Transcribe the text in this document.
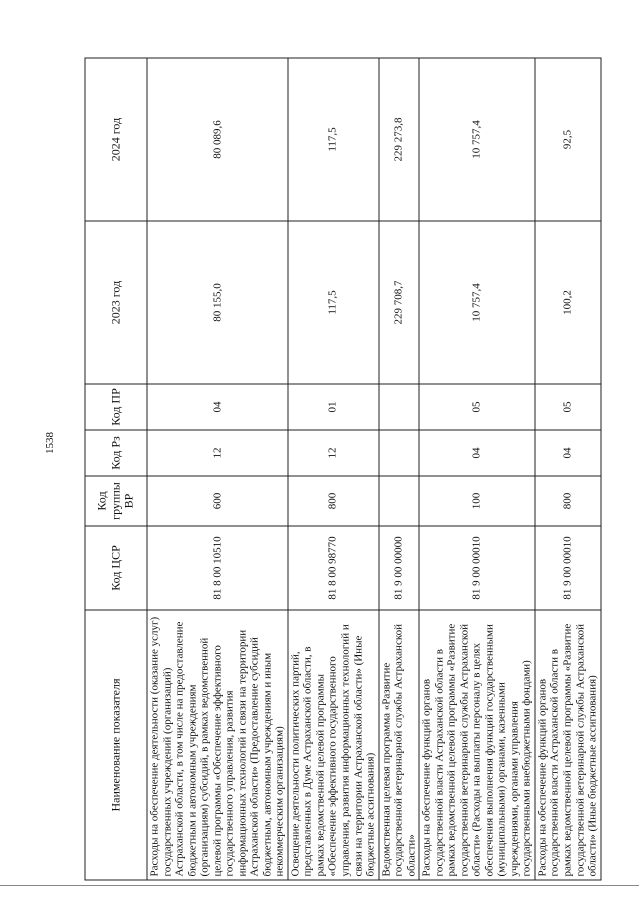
1538
Наименование показателя	Код ЦСР	Код группы ВР	Код Рз	Код ПР	2023 год	2024 год
Расходы на обеспечение деятельности (оказание услуг) государственных учреждений (организаций) Астраханской области, в том числе на предоставление бюджетным и автономным учреждениям (организациям) субсидий, в рамках ведомственной целевой программы «Обеспечение эффективного государственного управления, развития информационных технологий и связи на территории Астраханской области» (Предоставление субсидий бюджетным, автономным учреждениям и иным некоммерческим организациям)	81 8 00 10510	600	12	04	80 155,0	80 089,6
Освещение деятельности политических партий, представленных в Думе Астраханской области, в рамках ведомственной целевой программы «Обеспечение эффективного государственного управления, развития информационных технологий и связи на территории Астраханской области» (Иные бюджетные ассигнования)	81 8 00 98770	800	12	01	117,5	117,5
Ведомственная целевая программа «Развитие государственной ветеринарной службы Астраханской области»	81 9 00 00000				229 708,7	229 273,8
Расходы на обеспечение функций органов государственной власти Астраханской области в рамках ведомственной целевой программы «Развитие государственной ветеринарной службы Астраханской области» (Расходы на выплаты персоналу в целях обеспечения выполнения функций государственными (муниципальными) органами, казенными учреждениями, органами управления государственными внебюджетными фондами)	81 9 00 00010	100	04	05	10 757,4	10 757,4
Расходы на обеспечение функций органов государственной власти Астраханской области в рамках ведомственной целевой программы «Развитие государственной ветеринарной службы Астраханской области» (Иные бюджетные ассигнования)	81 9 00 00010	800	04	05	100,2	92,5
